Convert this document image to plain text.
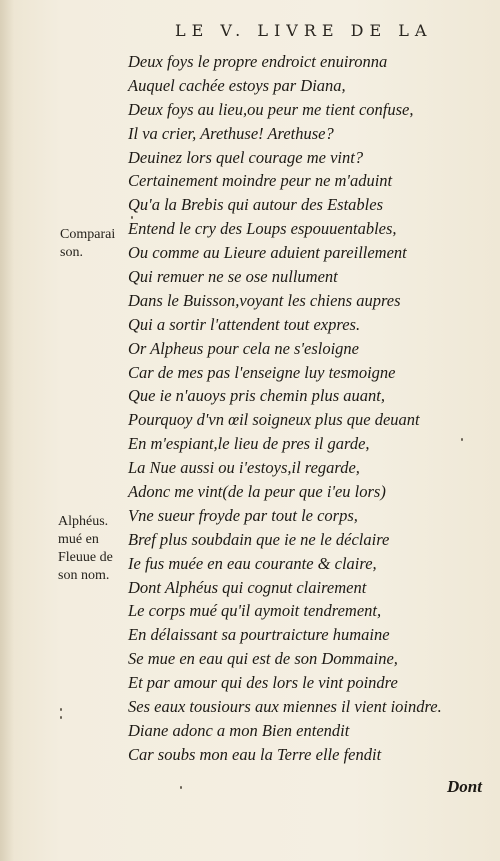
LE V. LIVRE DE LA
Deux foys le propre endroict enuironna
Auquel cachée estoys par Diana,
Deux foys au lieu,ou peur me tient confuse,
Il va crier, Arethuse! Arethuse?
Deuinez lors quel courage me vint?
Certainement moindre peur ne m'aduint
Qu'a la Brebis qui autour des Estables
Entend le cry des Loups espouuentables,
Ou comme au Lieure aduient pareillement
Qui remuer ne se ose nullument
Dans le Buisson,voyant les chiens aupres
Qui a sortir l'attendent tout expres.
Or Alpheus pour cela ne s'esloigne
Car de mes pas l'enseigne luy tesmoigne
Que ie n'auoys pris chemin plus auant,
Pourquoy d'vn œil soigneux plus que deuant
En m'espiant,le lieu de pres il garde,
La Nue aussi ou i'estoys,il regarde,
Adonc me vint(de la peur que i'eu lors)
Vne sueur froyde par tout le corps,
Bref plus soubdain que ie ne le déclaire
Ie fus muée en eau courante & claire,
Dont Alphéus qui cognut clairement
Le corps mué qu'il aymoit tendrement,
En délaissant sa pourtraicture humaine
Se mue en eau qui est de son Dommaine,
Et par amour qui des lors le vint poindre
Ses eaux tousiours aux miennes il vient ioindre.
Diane adonc a mon Bien entendit
Car soubs mon eau la Terre elle fendit
Comparai
son.
Alphéus.
mué en
Fleuue de
son nom.
Dont
